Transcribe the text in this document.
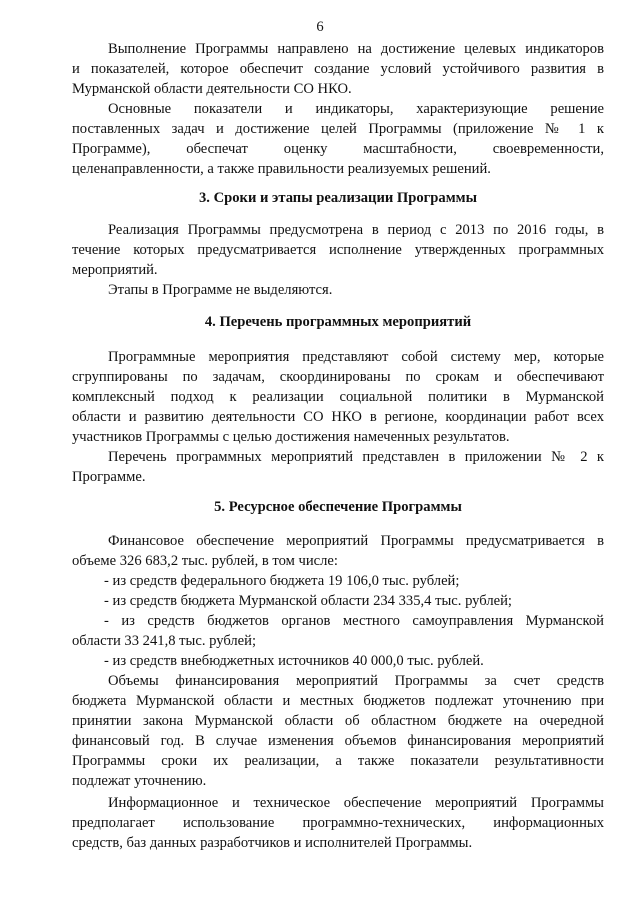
6
Выполнение Программы направлено на достижение целевых индикаторов
и показателей, которое обеспечит создание условий устойчивого развития в
Мурманской области деятельности СО НКО.
Основные показатели и индикаторы, характеризующие решение
поставленных задач и достижение целей Программы (приложение № 1 к
Программе), обеспечат оценку масштабности, своевременности,
целенаправленности, а также правильности реализуемых решений.
3. Сроки и этапы реализации Программы
Реализация Программы предусмотрена в период с 2013 по 2016 годы, в
течение которых предусматривается исполнение утвержденных программных
мероприятий.
Этапы в Программе не выделяются.
4. Перечень программных мероприятий
Программные мероприятия представляют собой систему мер, которые
сгруппированы по задачам, скоординированы по срокам и обеспечивают
комплексный подход к реализации социальной политики в Мурманской
области и развитию деятельности СО НКО в регионе, координации работ всех
участников Программы с целью достижения намеченных результатов.
Перечень программных мероприятий представлен в приложении № 2 к
Программе.
5. Ресурсное обеспечение Программы
Финансовое обеспечение мероприятий Программы предусматривается в
объеме 326 683,2 тыс. рублей, в том числе:
- из средств федерального бюджета 19 106,0 тыс. рублей;
- из средств бюджета Мурманской области 234 335,4 тыс. рублей;
- из средств бюджетов органов местного самоуправления Мурманской
области 33 241,8 тыс. рублей;
- из средств внебюджетных источников 40 000,0 тыс. рублей.
Объемы финансирования мероприятий Программы за счет средств
бюджета Мурманской области и местных бюджетов подлежат уточнению при
принятии закона Мурманской области об областном бюджете на очередной
финансовый год. В случае изменения объемов финансирования мероприятий
Программы сроки их реализации, а также показатели результативности
подлежат уточнению.
Информационное и техническое обеспечение мероприятий Программы
предполагает использование программно-технических, информационных
средств, баз данных разработчиков и исполнителей Программы.
